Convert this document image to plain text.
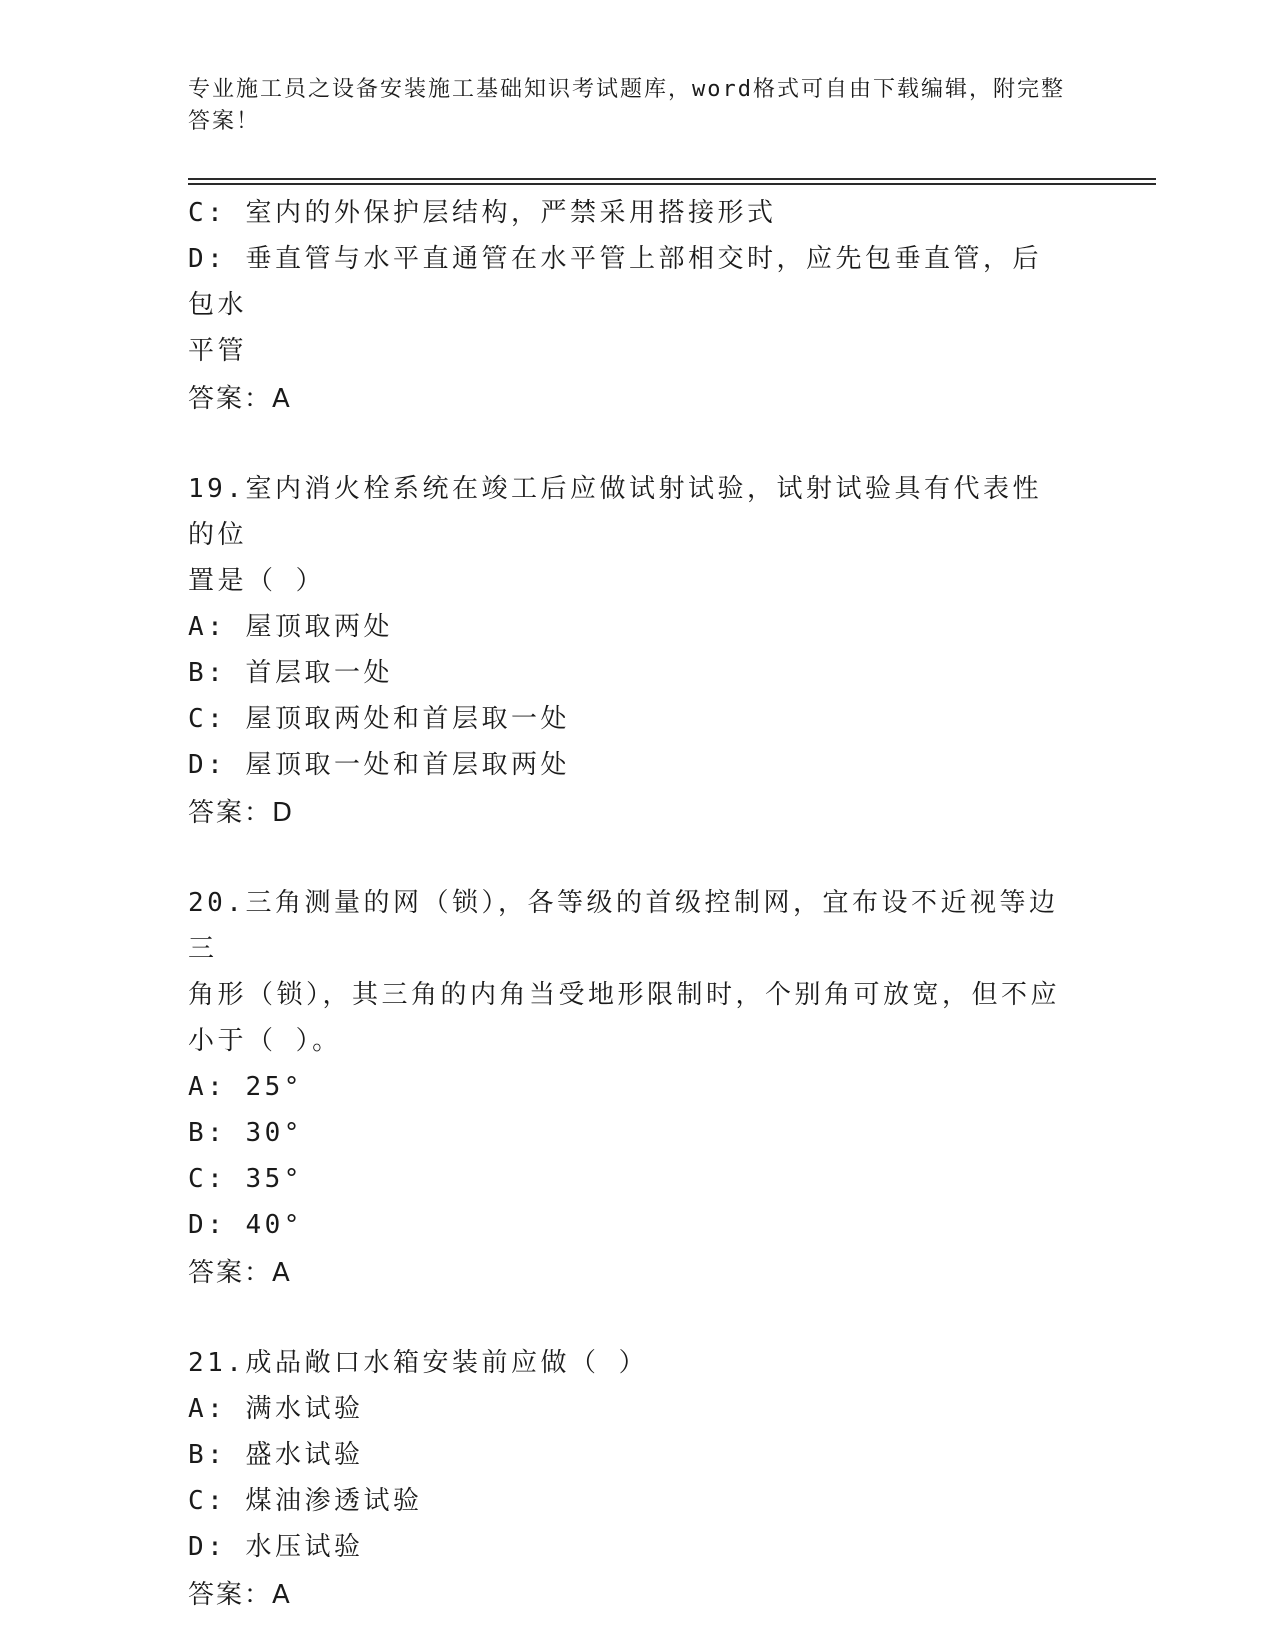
专业施工员之设备安装施工基础知识考试题库，word格式可自由下载编辑，附完整答案！
C: 室内的外保护层结构，严禁采用搭接形式
D: 垂直管与水平直通管在水平管上部相交时，应先包垂直管，后包水
平管
答案：A
19.室内消火栓系统在竣工后应做试射试验，试射试验具有代表性的位
置是（ ）
A: 屋顶取两处
B: 首层取一处
C: 屋顶取两处和首层取一处
D: 屋顶取一处和首层取两处
答案：D
20.三角测量的网（锁），各等级的首级控制网，宜布设不近视等边三
角形（锁），其三角的内角当受地形限制时，个别角可放宽，但不应
小于（ ）。
A: 25°
B: 30°
C: 35°
D: 40°
答案：A
21.成品敞口水箱安装前应做（ ）
A: 满水试验
B: 盛水试验
C: 煤油渗透试验
D: 水压试验
答案：A
